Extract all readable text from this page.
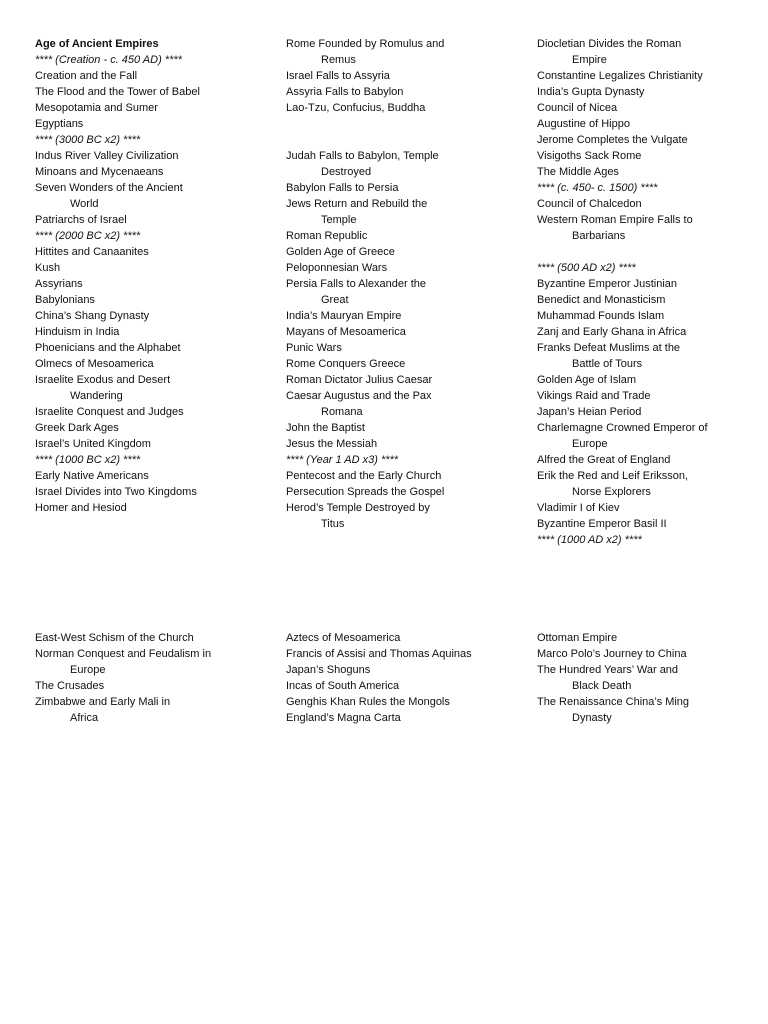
Age of Ancient Empires
**** (Creation - c. 450 AD) ****
Creation and the Fall
The Flood and the Tower of Babel
Mesopotamia and Sumer
Egyptians
**** (3000 BC x2) ****
Indus River Valley Civilization
Minoans and Mycenaeans
Seven Wonders of the Ancient
World
Patriarchs of Israel
**** (2000 BC x2) ****
Hittites and Canaanites
Kush
Assyrians
Babylonians
China’s Shang Dynasty
Hinduism in India
Phoenicians and the Alphabet
Olmecs of Mesoamerica
Israelite Exodus and Desert
Wandering
Israelite Conquest and Judges
Greek Dark Ages
Israel’s United Kingdom
**** (1000 BC x2) ****
Early Native Americans
Israel Divides into Two Kingdoms
Homer and Hesiod
Rome Founded by Romulus and
Remus
Israel Falls to Assyria
Assyria Falls to Babylon
Lao-Tzu, Confucius, Buddha
Judah Falls to Babylon, Temple
Destroyed
Babylon Falls to Persia
Jews Return and Rebuild the
Temple
Roman Republic
Golden Age of Greece
Peloponnesian Wars
Persia Falls to Alexander the
Great
India’s Mauryan Empire
Mayans of Mesoamerica
Punic Wars
Rome Conquers Greece
Roman Dictator Julius Caesar
Caesar Augustus and the Pax
Romana
John the Baptist
Jesus the Messiah
**** (Year 1 AD x3) ****
Pentecost and the Early Church
Persecution Spreads the Gospel
Herod’s Temple Destroyed by
Titus
Diocletian Divides the Roman
Empire
Constantine Legalizes Christianity
India’s Gupta Dynasty
Council of Nicea
Augustine of Hippo
Jerome Completes the Vulgate
Visigoths Sack Rome
The Middle Ages
**** (c. 450- c. 1500) ****
Council of Chalcedon
Western Roman Empire Falls to
Barbarians
**** (500 AD x2) ****
Byzantine Emperor Justinian
Benedict and Monasticism
Muhammad Founds Islam
Zanj and Early Ghana in Africa
Franks Defeat Muslims at the
Battle of Tours
Golden Age of Islam
Vikings Raid and Trade
Japan’s Heian Period
Charlemagne Crowned Emperor of
Europe
Alfred the Great of England
Erik the Red and Leif Eriksson,
Norse Explorers
Vladimir I of Kiev
Byzantine Emperor Basil II
**** (1000 AD x2) ****
East-West Schism of the Church
Norman Conquest and Feudalism in
Europe
The Crusades
Zimbabwe and Early Mali in
Africa
Aztecs of Mesoamerica
Francis of Assisi and Thomas Aquinas
Japan’s Shoguns
Incas of South America
Genghis Khan Rules the Mongols
England’s Magna Carta
Ottoman Empire
Marco Polo’s Journey to China
The Hundred Years’ War and
Black Death
The Renaissance China’s Ming
Dynasty
